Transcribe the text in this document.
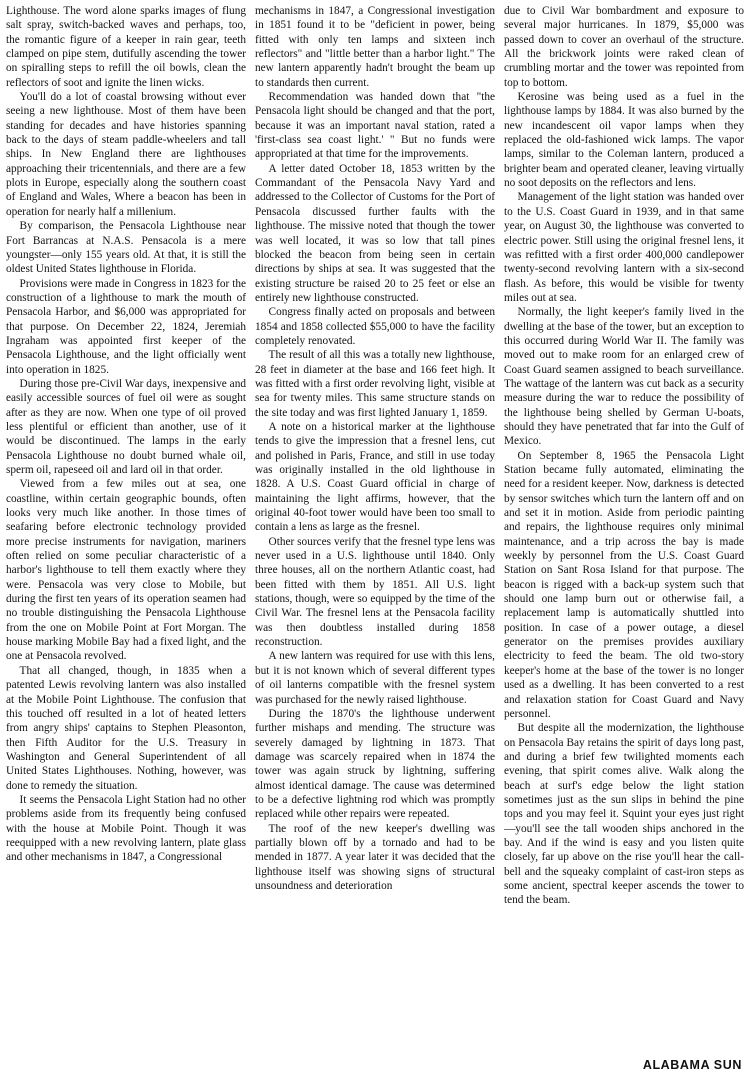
Lighthouse. The word alone sparks images of flung salt spray, switch-backed waves and perhaps, too, the romantic figure of a keeper in rain gear, teeth clamped on pipe stem, dutifully ascending the tower on spiralling steps to refill the oil bowls, clean the reflectors of soot and ignite the linen wicks.

You'll do a lot of coastal browsing without ever seeing a new lighthouse. Most of them have been standing for decades and have histories spanning back to the days of steam paddle-wheelers and tall ships. In New England there are lighthouses approaching their tricentennials, and there are a few plots in Europe, especially along the southern coast of England and Wales, Where a beacon has been in operation for nearly half a millenium.

By comparison, the Pensacola Lighthouse near Fort Barrancas at N.A.S. Pensacola is a mere youngster—only 155 years old. At that, it is still the oldest United States lighthouse in Florida.

Provisions were made in Congress in 1823 for the construction of a lighthouse to mark the mouth of Pensacola Harbor, and $6,000 was appropriated for that purpose. On December 22, 1824, Jeremiah Ingraham was appointed first keeper of the Pensacola Lighthouse, and the light officially went into operation in 1825.

During those pre-Civil War days, inexpensive and easily accessible sources of fuel oil were as sought after as they are now. When one type of oil proved less plentiful or efficient than another, use of it would be discontinued. The lamps in the early Pensacola Lighthouse no doubt burned whale oil, sperm oil, rapeseed oil and lard oil in that order.

Viewed from a few miles out at sea, one coastline, within certain geographic bounds, often looks very much like another. In those times of seafaring before electronic technology provided more precise instruments for navigation, mariners often relied on some peculiar characteristic of a harbor's lighthouse to tell them exactly where they were. Pensacola was very close to Mobile, but during the first ten years of its operation seamen had no trouble distinguishing the Pensacola Lighthouse from the one on Mobile Point at Fort Morgan. The house marking Mobile Bay had a fixed light, and the one at Pensacola revolved.

That all changed, though, in 1835 when a patented Lewis revolving lantern was also installed at the Mobile Point Lighthouse. The confusion that this touched off resulted in a lot of heated letters from angry ships' captains to Stephen Pleasonton, then Fifth Auditor for the U.S. Treasury in Washington and General Superintendent of all United States Lighthouses. Nothing, however, was done to remedy the situation.

It seems the Pensacola Light Station had no other problems aside from its frequently being confused with the house at Mobile Point. Though it was reequipped with a new revolving lantern, plate glass and other mechanisms in 1847, a Congressional

mechanisms in 1847, a Congressional investigation in 1851 found it to be "deficient in power, being fitted with only ten lamps and sixteen inch reflectors" and "little better than a harbor light." The new lantern apparently hadn't brought the beam up to standards then current.

Recommendation was handed down that "the Pensacola light should be changed and that the port, because it was an important naval station, rated a 'first-class sea coast light.' " But no funds were appropriated at that time for the improvements.

A letter dated October 18, 1853 written by the Commandant of the Pensacola Navy Yard and addressed to the Collector of Customs for the Port of Pensacola discussed further faults with the lighthouse. The missive noted that though the tower was well located, it was so low that tall pines blocked the beacon from being seen in certain directions by ships at sea. It was suggested that the existing structure be raised 20 to 25 feet or else an entirely new lighthouse constructed.

Congress finally acted on proposals and between 1854 and 1858 collected $55,000 to have the facility completely renovated.

The result of all this was a totally new lighthouse, 28 feet in diameter at the base and 166 feet high. It was fitted with a first order revolving light, visible at sea for twenty miles. This same structure stands on the site today and was first lighted January 1, 1859.

A note on a historical marker at the lighthouse tends to give the impression that a fresnel lens, cut and polished in Paris, France, and still in use today was originally installed in the old lighthouse in 1828. A U.S. Coast Guard official in charge of maintaining the light affirms, however, that the original 40-foot tower would have been too small to contain a lens as large as the fresnel.

Other sources verify that the fresnel type lens was never used in a U.S. lighthouse until 1840. Only three houses, all on the northern Atlantic coast, had been fitted with them by 1851. All U.S. light stations, though, were so equipped by the time of the Civil War. The fresnel lens at the Pensacola facility was then doubtless installed during 1858 reconstruction.

A new lantern was required for use with this lens, but it is not known which of several different types of oil lanterns compatible with the fresnel system was purchased for the newly raised lighthouse.

During the 1870's the lighthouse underwent further mishaps and mending. The structure was severely damaged by lightning in 1873. That damage was scarcely repaired when in 1874 the tower was again struck by lightning, suffering almost identical damage. The cause was determined to be a defective lightning rod which was promptly replaced while other repairs were repeated.

The roof of the new keeper's dwelling was partially blown off by a tornado and had to be mended in 1877. A year later it was decided that the lighthouse itself was showing signs of structural unsoundness and deterioration

due to Civil War bombardment and exposure to several major hurricanes. In 1879, $5,000 was passed down to cover an overhaul of the structure. All the brickwork joints were raked clean of crumbling mortar and the tower was repointed from top to bottom.

Kerosine was being used as a fuel in the lighthouse lamps by 1884. It was also burned by the new incandescent oil vapor lamps when they replaced the old-fashioned wick lamps. The vapor lamps, similar to the Coleman lantern, produced a brighter beam and operated cleaner, leaving virtually no soot deposits on the reflectors and lens.

Management of the light station was handed over to the U.S. Coast Guard in 1939, and in that same year, on August 30, the lighthouse was converted to electric power. Still using the original fresnel lens, it was refitted with a first order 400,000 candlepower twenty-second revolving lantern with a six-second flash. As before, this would be visible for twenty miles out at sea.

Normally, the light keeper's family lived in the dwelling at the base of the tower, but an exception to this occurred during World War II. The family was moved out to make room for an enlarged crew of Coast Guard seamen assigned to beach surveillance. The wattage of the lantern was cut back as a security measure during the war to reduce the possibility of the lighthouse being shelled by German U-boats, should they have penetrated that far into the Gulf of Mexico.

On September 8, 1965 the Pensacola Light Station became fully automated, eliminating the need for a resident keeper. Now, darkness is detected by sensor switches which turn the lantern off and on and set it in motion. Aside from periodic painting and repairs, the lighthouse requires only minimal maintenance, and a trip across the bay is made weekly by personnel from the U.S. Coast Guard Station on Sant Rosa Island for that purpose. The beacon is rigged with a back-up system such that should one lamp burn out or otherwise fail, a replacement lamp is automatically shuttled into position. In case of a power outage, a diesel generator on the premises provides auxiliary electricity to feed the beam. The old two-story keeper's home at the base of the tower is no longer used as a dwelling. It has been converted to a rest and relaxation station for Coast Guard and Navy personnel.

But despite all the modernization, the lighthouse on Pensacola Bay retains the spirit of days long past, and during a brief few twilighted moments each evening, that spirit comes alive. Walk along the beach at surf's edge below the light station sometimes just as the sun slips in behind the pine tops and you may feel it. Squint your eyes just right—you'll see the tall wooden ships anchored in the bay. And if the wind is easy and you listen quite closely, far up above on the rise you'll hear the call-bell and the squeaky complaint of cast-iron steps as some ancient, spectral keeper ascends the tower to tend the beam.

ALABAMA SUN
